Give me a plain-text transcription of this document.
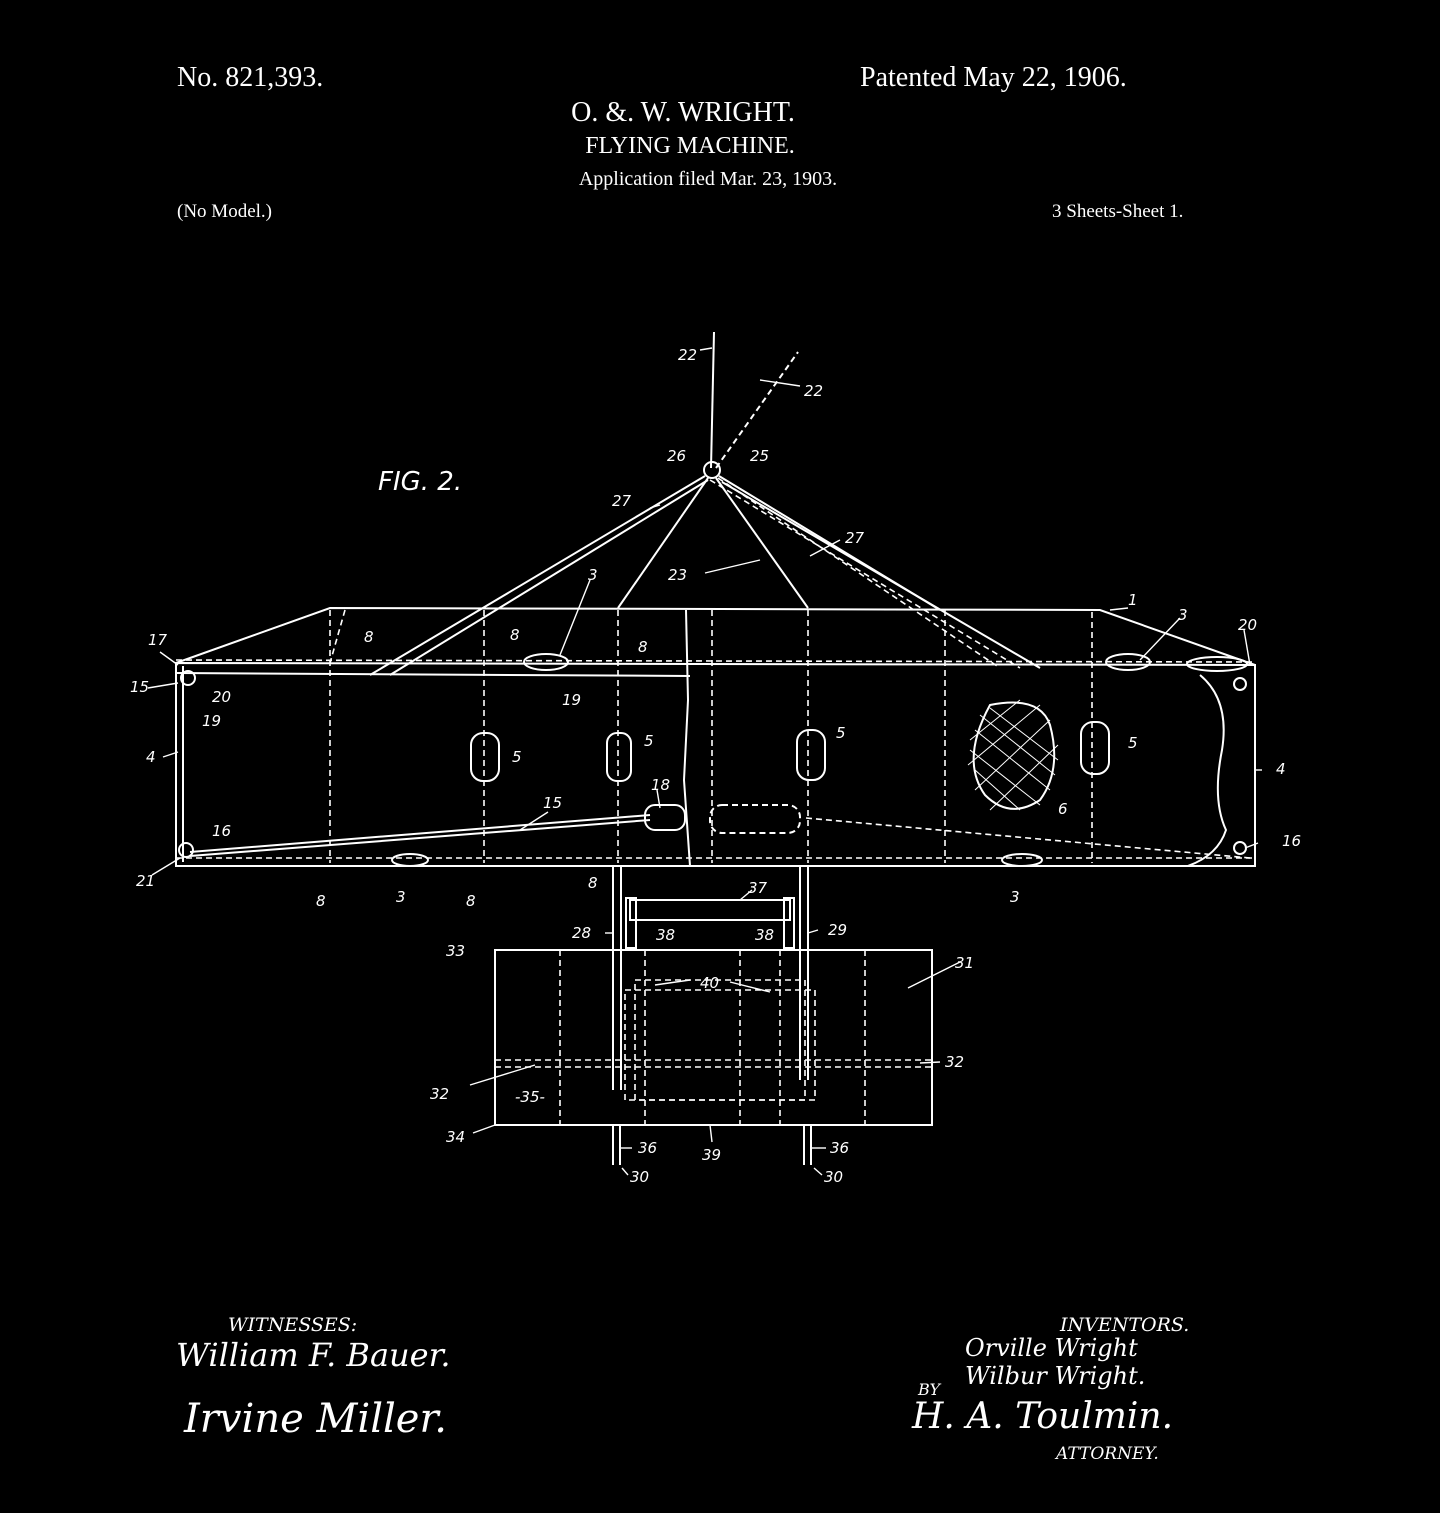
No. 821,393.	Patented May 22, 1906.
O. &. W. WRIGHT.
FLYING MACHINE.
Application filed Mar. 23, 1903.
(No Model.)	3 Sheets-Sheet 1.
FIG. 2.
22
22
26	25
27
27
23
3
1
3
20
17
15
20
19
19
4
4
8	8
8
8	8
8
5
5	5
5
6
18
15
16
16
21
3	3
37
28	38	38	29
33
31
40
32
32	-35-
34
36	36
39
30	30
WITNESSES:
William F. Bauer.
Irvine Miller.
INVENTORS.
Orville Wright
Wilbur Wright.
BY
H. A. Toulmin.
ATTORNEY.
